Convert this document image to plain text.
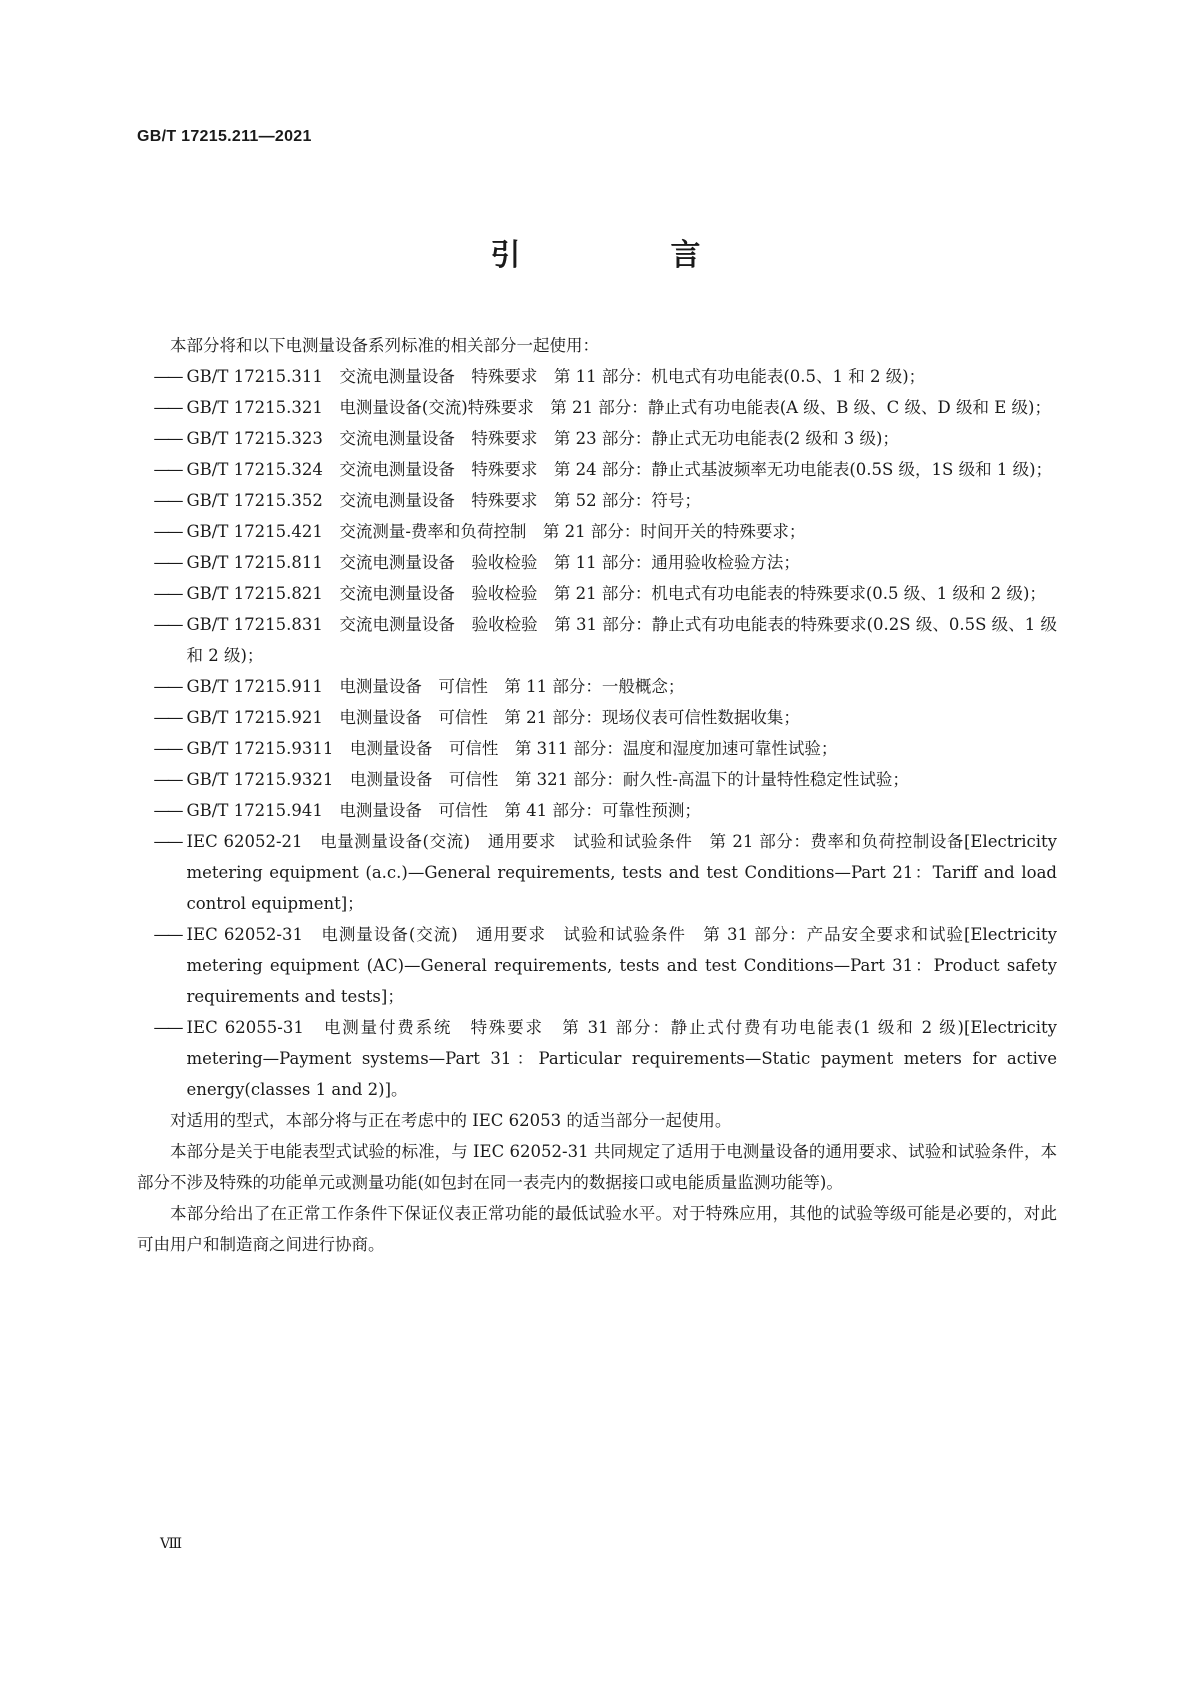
GB/T 17215.211—2021
引　言

本部分将和以下电测量设备系列标准的相关部分一起使用：

—— GB/T 17215.311　交流电测量设备　特殊要求　第 11 部分：机电式有功电能表(0.5、1 和 2 级)；
—— GB/T 17215.321　电测量设备(交流)特殊要求　第 21 部分：静止式有功电能表(A 级、B 级、C 级、D 级和 E 级)；
—— GB/T 17215.323　交流电测量设备　特殊要求　第 23 部分：静止式无功电能表(2 级和 3 级)；
—— GB/T 17215.324　交流电测量设备　特殊要求　第 24 部分：静止式基波频率无功电能表(0.5S 级，1S 级和 1 级)；
—— GB/T 17215.352　交流电测量设备　特殊要求　第 52 部分：符号；
—— GB/T 17215.421　交流测量-费率和负荷控制　第 21 部分：时间开关的特殊要求；
—— GB/T 17215.811　交流电测量设备　验收检验　第 11 部分：通用验收检验方法；
—— GB/T 17215.821　交流电测量设备　验收检验　第 21 部分：机电式有功电能表的特殊要求(0.5 级、1 级和 2 级)；
—— GB/T 17215.831　交流电测量设备　验收检验　第 31 部分：静止式有功电能表的特殊要求(0.2S 级、0.5S 级、1 级和 2 级)；
—— GB/T 17215.911　电测量设备　可信性　第 11 部分：一般概念；
—— GB/T 17215.921　电测量设备　可信性　第 21 部分：现场仪表可信性数据收集；
—— GB/T 17215.9311　电测量设备　可信性　第 311 部分：温度和湿度加速可靠性试验；
—— GB/T 17215.9321　电测量设备　可信性　第 321 部分：耐久性-高温下的计量特性稳定性试验；
—— GB/T 17215.941　电测量设备　可信性　第 41 部分：可靠性预测；
—— IEC 62052-21　电量测量设备(交流)　通用要求　试验和试验条件　第 21 部分：费率和负荷控制设备[Electricity metering equipment (a.c.)—General requirements, tests and test Conditions—Part 21：Tariff and load control equipment]；
—— IEC 62052-31　电测量设备(交流)　通用要求　试验和试验条件　第 31 部分：产品安全要求和试验[Electricity metering equipment (AC)—General requirements, tests and test Conditions—Part 31：Product safety requirements and tests]；
—— IEC 62055-31　电测量付费系统　特殊要求　第 31 部分：静止式付费有功电能表(1 级和 2 级)[Electricity metering—Payment systems—Part 31：Particular requirements—Static payment meters for active energy(classes 1 and 2)]。

对适用的型式，本部分将与正在考虑中的 IEC 62053 的适当部分一起使用。

本部分是关于电能表型式试验的标准，与 IEC 62052-31 共同规定了适用于电测量设备的通用要求、试验和试验条件，本部分不涉及特殊的功能单元或测量功能(如包封在同一表壳内的数据接口或电能质量监测功能等)。

本部分给出了在正常工作条件下保证仪表正常功能的最低试验水平。对于特殊应用，其他的试验等级可能是必要的，对此可由用户和制造商之间进行协商。

Ⅷ
